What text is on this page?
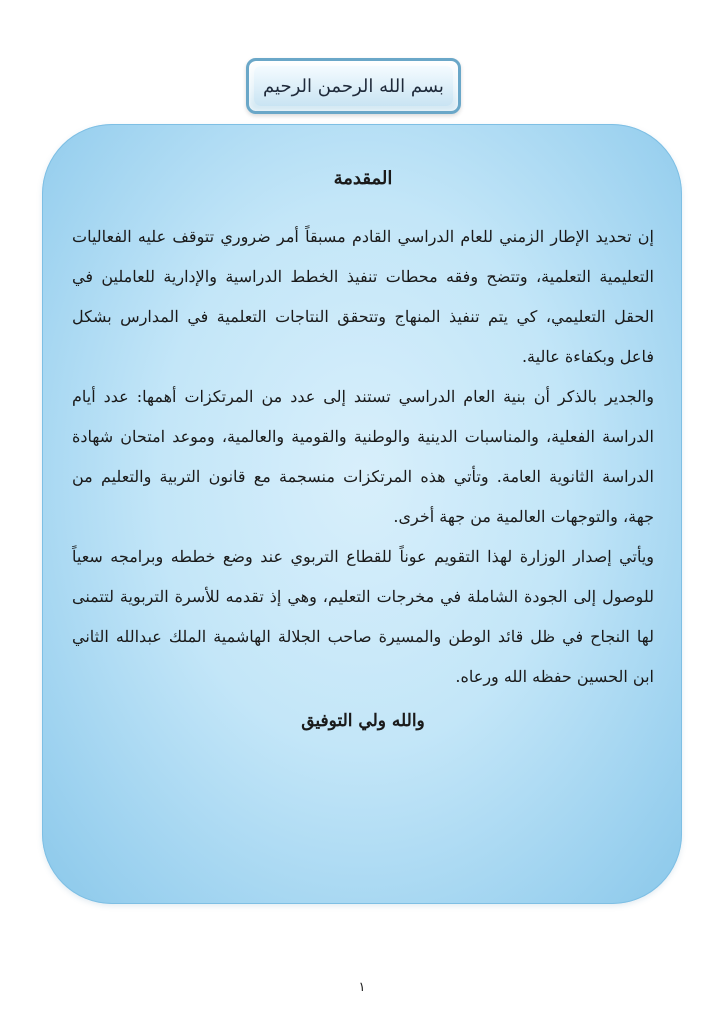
بسم الله الرحمن الرحيم
المقدمة

إن تحديد الإطار الزمني للعام الدراسي القادم مسبقاً أمر ضروري تتوقف عليه الفعاليات التعليمية التعلمية، وتتضح وفقه محطات تنفيذ الخطط الدراسية والإدارية للعاملين في الحقل التعليمي، كي يتم تنفيذ المنهاج وتتحقق النتاجات التعلمية في المدارس بشكل فاعل وبكفاءة عالية.

والجدير بالذكر أن بنية العام الدراسي تستند إلى عدد من المرتكزات أهمها: عدد أيام الدراسة الفعلية، والمناسبات الدينية والوطنية والقومية والعالمية، وموعد امتحان شهادة الدراسة الثانوية العامة. وتأتي هذه المرتكزات منسجمة مع قانون التربية والتعليم من جهة، والتوجهات العالمية من جهة أخرى.

ويأتي إصدار الوزارة لهذا التقويم عوناً للقطاع التربوي عند وضع خططه وبرامجه سعياً للوصول إلى الجودة الشاملة في مخرجات التعليم، وهي إذ تقدمه للأسرة التربوية لتتمنى لها النجاح في ظل قائد الوطن والمسيرة صاحب الجلالة الهاشمية الملك عبدالله الثاني ابن الحسين حفظه الله ورعاه.

والله ولي التوفيق
١
